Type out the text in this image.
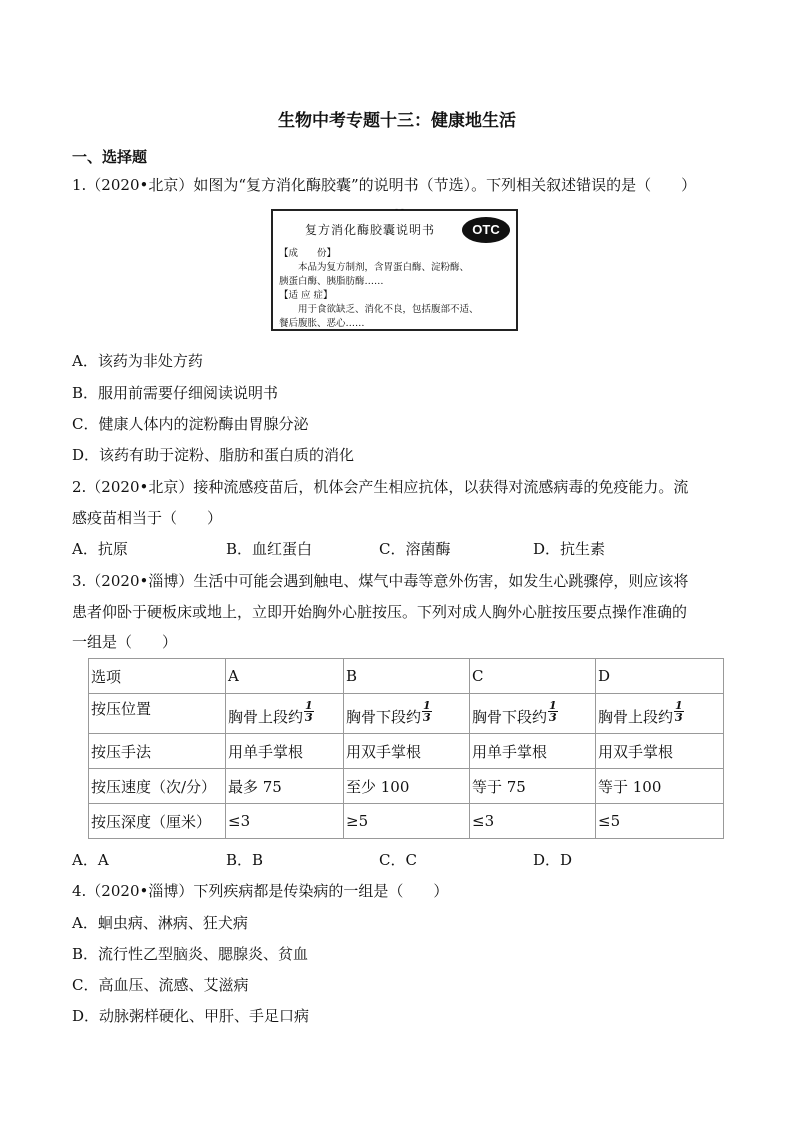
生物中考专题十三：健康地生活
一、选择题
1.（2020•北京）如图为“复方消化酶胶囊”的说明书（节选）。下列相关叙述错误的是（　　）
- -
复方消化酶胶囊说明书	OTC
【成　　份】
　　本品为复方制剂，含胃蛋白酶、淀粉酶、
胰蛋白酶、胰脂肪酶……
【适 应 症】
　　用于食欲缺乏、消化不良，包括腹部不适、
餐后腹胀、恶心……
A．该药为非处方药
B．服用前需要仔细阅读说明书
C．健康人体内的淀粉酶由胃腺分泌
D．该药有助于淀粉、脂肪和蛋白质的消化
2.（2020•北京）接种流感疫苗后，机体会产生相应抗体，以获得对流感病毒的免疫能力。流
感疫苗相当于（　　）
A．抗原	B．血红蛋白	C．溶菌酶	D．抗生素
3.（2020•淄博）生活中可能会遇到触电、煤气中毒等意外伤害，如发生心跳骤停，则应该将
患者仰卧于硬板床或地上，立即开始胸外心脏按压。下列对成人胸外心脏按压要点操作准确的
一组是（　　）
选项	A	B	C	D
按压位置	胸骨上段约 $\frac{1}{3}$	胸骨下段约 $\frac{1}{3}$	胸骨下段约 $\frac{1}{3}$	胸骨上段约 $\frac{1}{3}$

按压手法	用单手掌根	用双手掌根	用单手掌根	用双手掌根
按压速度（次/分）	最多 75	至少 100	等于 75	等于 100
按压深度（厘米）	≤3	≥5	≤3	≤5
A．A	B．B	C．C	D．D
4.（2020•淄博）下列疾病都是传染病的一组是（　　）
A．蛔虫病、淋病、狂犬病
B．流行性乙型脑炎、腮腺炎、贫血
C．高血压、流感、艾滋病
D．动脉粥样硬化、甲肝、手足口病
